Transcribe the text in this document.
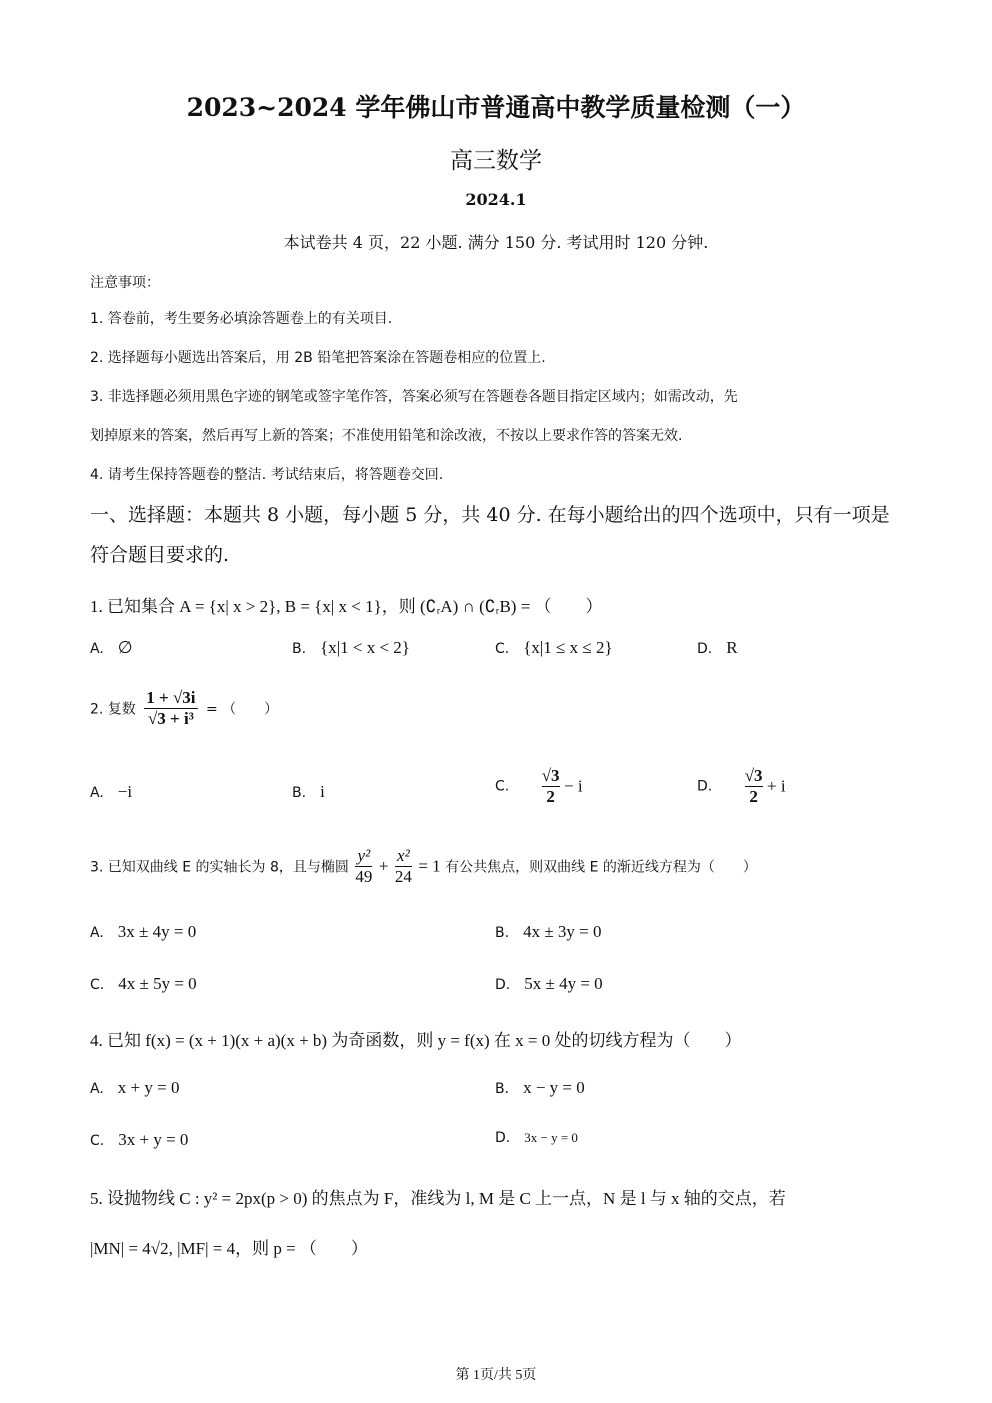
2023~2024 学年佛山市普通高中教学质量检测（一）
高三数学
2024.1
本试卷共 4 页，22 小题. 满分 150 分. 考试用时 120 分钟.
注意事项：
1. 答卷前，考生要务必填涂答题卷上的有关项目.
2. 选择题每小题选出答案后，用 2B 铅笔把答案涂在答题卷相应的位置上.
3. 非选择题必须用黑色字迹的钢笔或签字笔作答，答案必须写在答题卷各题目指定区域内；如需改动，先
划掉原来的答案，然后再写上新的答案；不准使用铅笔和涂改液，不按以上要求作答的答案无效.
4. 请考生保持答题卷的整洁. 考试结束后，将答题卷交回.
一、选择题：本题共 8 小题，每小题 5 分，共 40 分. 在每小题给出的四个选项中，只有一项是
符合题目要求的.
1. 已知集合 A = {x| x > 2}, B = {x| x < 1}，则 (∁ᵣA) ∩ (∁ᵣB) = （　　）
A. ∅	B. {x|1 < x < 2}	C. {x|1 ≤ x ≤ 2}	D. R
2. 复数 $\frac{1 + √3i}{\text{√3 + i³}}$ = （　　）
A. −i	B. i	C. $\frac{√3}{2} - i$	D. $\frac{√3}{2} + i$
3. 已知双曲线 E 的实轴长为 8，且与椭圆 $\frac{\text{y²}}{49} + \frac{\text{x²}}{24} = 1$ 有公共焦点，则双曲线 E 的渐近线方程为（　　）
A. 3x ± 4y = 0	B. 4x ± 3y = 0
C. 4x ± 5y = 0	D. 5x ± 4y = 0
4. 已知 f(x) = (x + 1)(x + a)(x + b) 为奇函数，则 y = f(x) 在 x = 0 处的切线方程为（　　）
A. x + y = 0	B. x − y = 0
C. 3x + y = 0	D. 3x − y = 0
5. 设抛物线 C : y² = 2px(p > 0) 的焦点为 F，准线为 l, M 是 C 上一点，N 是 l 与 x 轴的交点，若
|MN| = 4√2, |MF| = 4，则 p = （　　）
第 1页/共 5页
